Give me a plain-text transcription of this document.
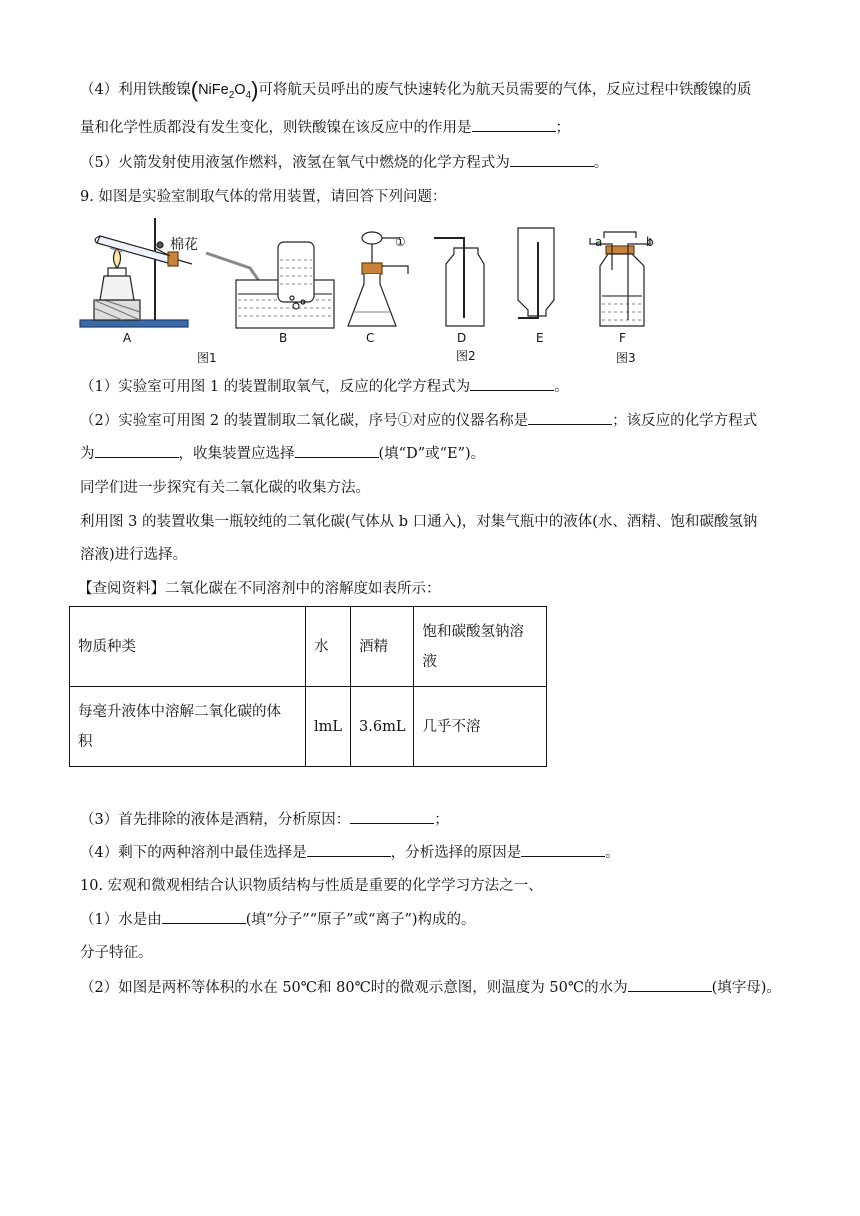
（4）利用铁酸镍$(NiFe_2O_4)$可将航天员呼出的废气快速转化为航天员需要的气体，反应过程中铁酸镍的质
量和化学性质都没有发生变化，则铁酸镍在该反应中的作用是	；
（5）火箭发射使用液氢作燃料，液氢在氧气中燃烧的化学方程式为	。
9. 如图是实验室制取气体的常用装置，请回答下列问题：
棉花	①	a	b
A	B	C	D	E	F
图1	图2	图3
（1）实验室可用图 1 的装置制取氧气，反应的化学方程式为	。
（2）实验室可用图 2 的装置制取二氧化碳，序号①对应的仪器名称是	；该反应的化学方程式
为	，收集装置应选择	(填“D”或“E”)。
同学们进一步探究有关二氧化碳的收集方法。
利用图 3 的装置收集一瓶较纯的二氧化碳(气体从 b 口通入)，对集气瓶中的液体(水、酒精、饱和碳酸氢钠
溶液)进行选择。
【查阅资料】二氧化碳在不同溶剂中的溶解度如表所示：
物质种类	水	酒精	饱和碳酸氢钠溶
液

每毫升液体中溶解二氧化碳的体
积	lmL	3.6mL	几乎不溶
（3）首先排除的液体是酒精，分析原因：	；
（4）剩下的两种溶剂中最佳选择是	，分析选择的原因是	。
10. 宏观和微观相结合认识物质结构与性质是重要的化学学习方法之一、
（1）水是由	(填“分子”“原子”或“离子”)构成的。
分子特征。
（2）如图是两杯等体积的水在 50℃和 80℃时的微观示意图，则温度为 50℃的水为	(填字母)。
